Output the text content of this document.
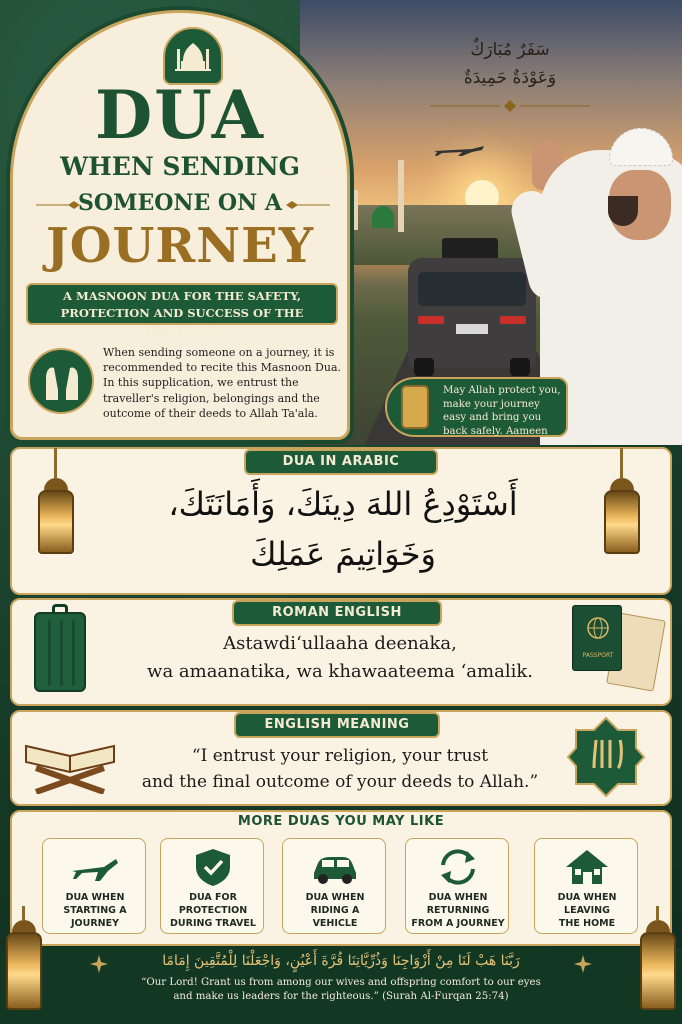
سَفَرٌ مُبَارَكٌ
وَعَوْدَةٌ حَمِيدَةٌ
DUA
WHEN SENDING
SOMEONE ON A
JOURNEY
A MASNOON DUA FOR THE SAFETY,
PROTECTION AND SUCCESS OF THE TRAVELLER
When sending someone on a journey, it is recommended to recite this Masnoon Dua. In this supplication, we entrust the traveller's religion, belongings and the outcome of their deeds to Allah Ta'ala.
May Allah protect you, make your journey easy and bring you back safely. Aameen
DUA IN ARABIC
أَسْتَوْدِعُ اللهَ دِينَكَ، وَأَمَانَتَكَ،
وَخَوَاتِيمَ عَمَلِكَ
ROMAN ENGLISH
Astawdi‘ullaaha deenaka,
wa amaanatika, wa khawaateema ‘amalik.
PASSPORT
ENGLISH MEANING
“I entrust your religion, your trust
and the final outcome of your deeds to Allah.”
MORE DUAS YOU MAY LIKE
DUA WHEN
STARTING A
JOURNEY
DUA FOR
PROTECTION
DURING TRAVEL
DUA WHEN
RIDING A
VEHICLE
DUA WHEN
RETURNING
FROM A JOURNEY
DUA WHEN
LEAVING
THE HOME
رَبَّنَا هَبْ لَنَا مِنْ أَزْوَاجِنَا وَذُرِّيَّاتِنَا قُرَّةَ أَعْيُنٍ، وَاجْعَلْنَا لِلْمُتَّقِينَ إِمَامًا
“Our Lord! Grant us from among our wives and offspring comfort to our eyes
and make us leaders for the righteous.” (Surah Al-Furqan 25:74)
